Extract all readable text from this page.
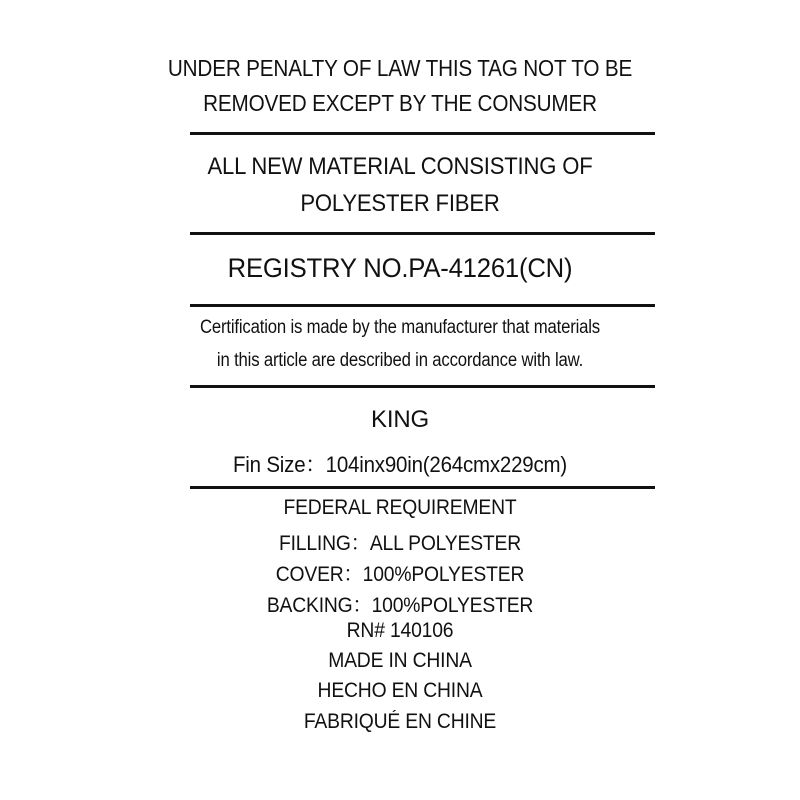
UNDER PENALTY OF LAW THIS TAG NOT TO BE
REMOVED EXCEPT BY THE CONSUMER
ALL NEW MATERIAL CONSISTING OF
POLYESTER FIBER
REGISTRY NO.PA-41261(CN)
Certification is made by the manufacturer that materials
in this article are described in accordance with law.
KING
Fin Size：104inx90in(264cmx229cm)
FEDERAL REQUIREMENT
FILLING：ALL POLYESTER
COVER：100%POLYESTER
BACKING：100%POLYESTER
RN# 140106
MADE IN CHINA
HECHO EN CHINA
FABRIQUÉ EN CHINE
